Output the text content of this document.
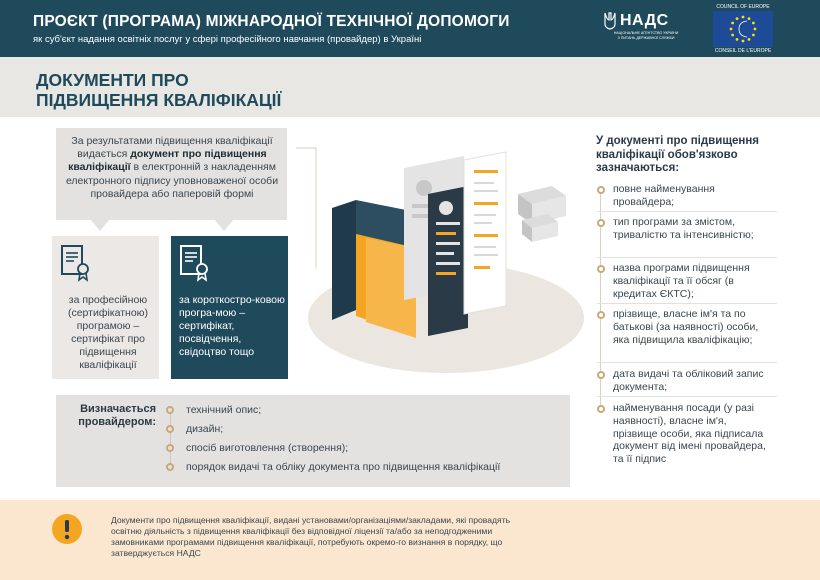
ПРОЄКТ (ПРОГРАМА) МІЖНАРОДНОЇ ТЕХНІЧНОЇ ДОПОМОГИ
як суб'єкт надання освітніх послуг у сфері професійного навчання (провайдер) в Україні
НАДС
НАЦІОНАЛЬНЕ АГЕНТСТВО УКРАЇНИ
З ПИТАНЬ ДЕРЖАВНОЇ СЛУЖБИ
COUNCIL OF EUROPE
CONSEIL DE L'EUROPE
ДОКУМЕНТИ ПРО
ПІДВИЩЕННЯ КВАЛІФІКАЦІЇ
За результатами підвищення кваліфікації видається документ про підвищення кваліфікації в електронній з накладенням електронного підпису уповноваженої особи провайдера або паперовій формі
за професійною (сертифікатною) програмою – сертифікат про підвищення кваліфікації
за короткостро-ковою програ-мою – сертифікат, посвідчення, свідоцтво тощо
Визначається провайдером:
технічний опис;
дизайн;
спосіб виготовлення (створення);
порядок видачі та обліку документа про підвищення кваліфікації
У документі про підвищення кваліфікації обов'язково зазначаються:
повне найменування провайдера;
тип програми за змістом, тривалістю та інтенсивністю;
назва програми підвищення кваліфікації та її обсяг (в кредитах ЄКТС);
прізвище, власне ім'я та по батькові (за наявності) особи, яка підвищила кваліфікацію;
дата видачі та обліковий запис документа;
найменування посади (у разі наявності), власне ім'я, прізвище особи, яка підписала документ від імені провайдера, та її підпис
Документи про підвищення кваліфікації, видані установами/організаціями/закладами, які провадять освітню діяльність з підвищення кваліфікації без відповідної ліцензії та/або за неподгодженими замовниками програмами підвищення кваліфікації, потребують окремо-го визнання в порядку, що затверджується НАДС
